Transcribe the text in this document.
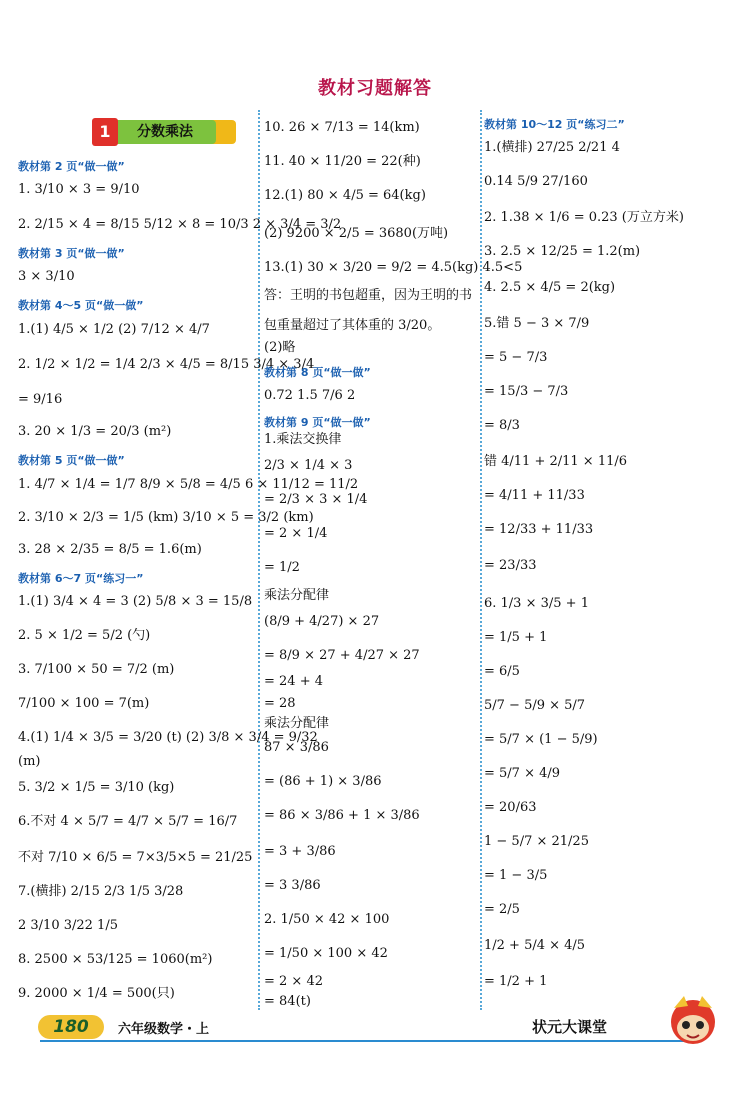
教材习题解答
分数乘法
1
教材第 2 页“做一做”
1. 3/10 × 3 = 9/10
2. 2/15 × 4 = 8/15 5/12 × 8 = 10/3 2 × 3/4 = 3/2
教材第 3 页“做一做”
3 × 3/10
教材第 4～5 页“做一做”
1.(1) 4/5 × 1/2 (2) 7/12 × 4/7
2. 1/2 × 1/2 = 1/4 2/3 × 4/5 = 8/15 3/4 × 3/4
= 9/16
3. 20 × 1/3 = 20/3 (m²)
教材第 5 页“做一做”
1. 4/7 × 1/4 = 1/7 8/9 × 5/8 = 4/5 6 × 11/12 = 11/2
2. 3/10 × 2/3 = 1/5 (km) 3/10 × 5 = 3/2 (km)
3. 28 × 2/35 = 8/5 = 1.6(m)
教材第 6～7 页“练习一”
1.(1) 3/4 × 4 = 3 (2) 5/8 × 3 = 15/8
2. 5 × 1/2 = 5/2 (勺)
3. 7/100 × 50 = 7/2 (m)
7/100 × 100 = 7(m)
4.(1) 1/4 × 3/5 = 3/20 (t) (2) 3/8 × 3/4 = 9/32
(m)
5. 3/2 × 1/5 = 3/10 (kg)
6.不对 4 × 5/7 = 4/7 × 5/7 = 16/7
不对 7/10 × 6/5 = 7×3/5×5 = 21/25
7.(横排) 2/15 2/3 1/5 3/28
2 3/10 3/22 1/5
8. 2500 × 53/125 = 1060(m²)
9. 2000 × 1/4 = 500(只)
10. 26 × 7/13 = 14(km)
11. 40 × 11/20 = 22(种)
12.(1) 80 × 4/5 = 64(kg)
(2) 9200 × 2/5 = 3680(万吨)
13.(1) 30 × 3/20 = 9/2 = 4.5(kg) 4.5<5
答：王明的书包超重，因为王明的书
包重量超过了其体重的 3/20。
(2)略
教材第 8 页“做一做”
0.72 1.5 7/6 2
教材第 9 页“做一做”
1.乘法交换律
2/3 × 1/4 × 3
= 2/3 × 3 × 1/4
= 2 × 1/4
= 1/2
乘法分配律
(8/9 + 4/27) × 27
= 8/9 × 27 + 4/27 × 27
= 24 + 4
= 28
乘法分配律
87 × 3/86
= (86 + 1) × 3/86
= 86 × 3/86 + 1 × 3/86
= 3 + 3/86
= 3 3/86
2. 1/50 × 42 × 100
= 1/50 × 100 × 42
= 2 × 42
= 84(t)
教材第 10～12 页“练习二”
1.(横排) 27/25 2/21 4
0.14 5/9 27/160
2. 1.38 × 1/6 = 0.23 (万立方米)
3. 2.5 × 12/25 = 1.2(m)
4. 2.5 × 4/5 = 2(kg)
5.错 5 − 3 × 7/9
= 5 − 7/3
= 15/3 − 7/3
= 8/3
错 4/11 + 2/11 × 11/6
= 4/11 + 11/33
= 12/33 + 11/33
= 23/33
6. 1/3 × 3/5 + 1
= 1/5 + 1
= 6/5
5/7 − 5/9 × 5/7
= 5/7 × (1 − 5/9)
= 5/7 × 4/9
= 20/63
1 − 5/7 × 21/25
= 1 − 3/5
= 2/5
1/2 + 5/4 × 4/5
= 1/2 + 1
180	六年级数学・上	状元大课堂
